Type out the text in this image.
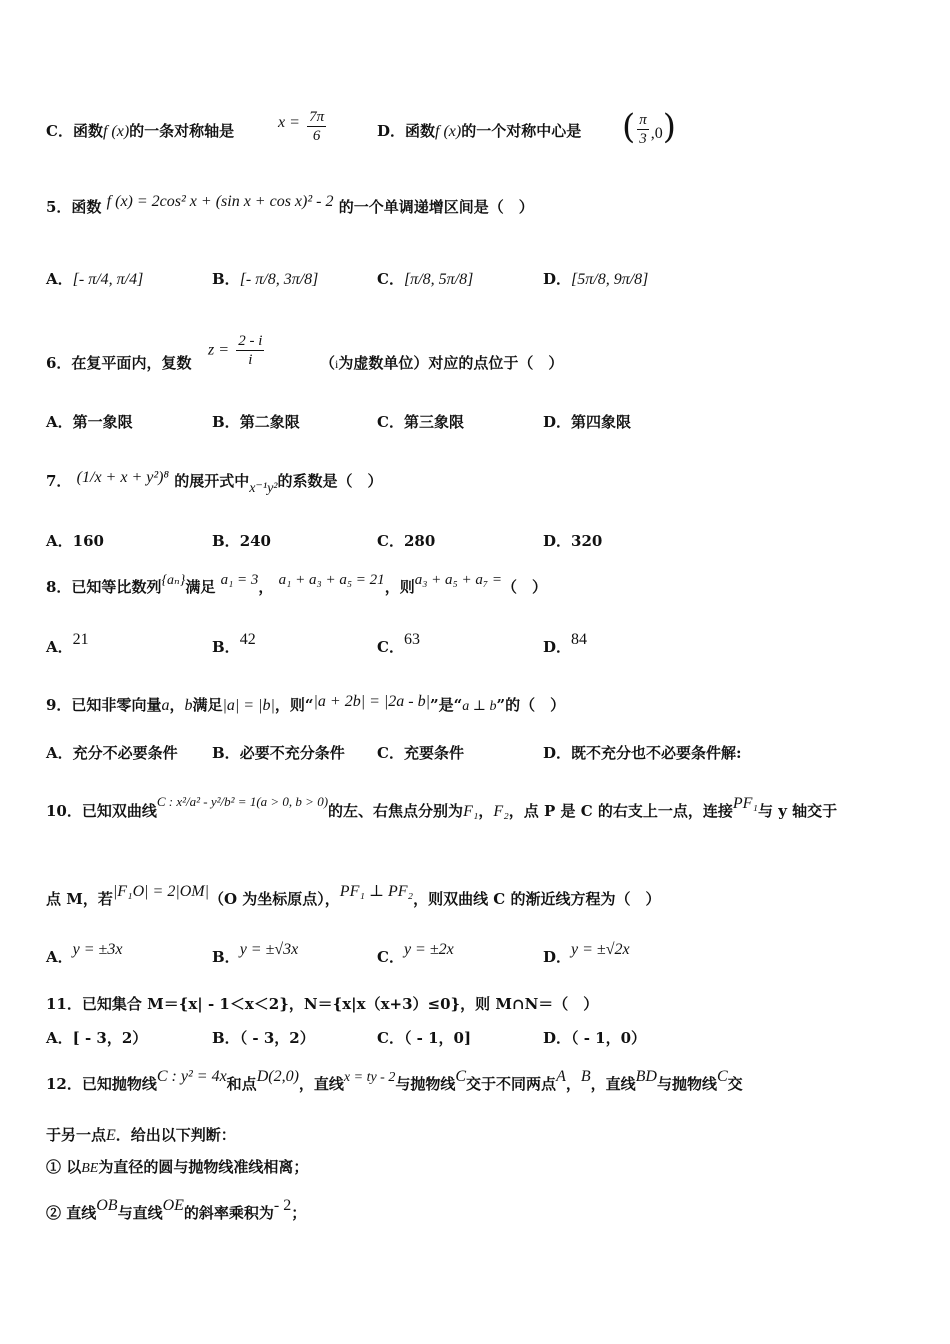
C．函数f (x)的一条对称轴是	$x = \frac{7\pi}{6}$	D．函数f (x)的一个对称中心是 ( $\frac{\pi}{3} ,0$)
5．函数 f (x) = 2cos² x + (sin x + cos x)² - 2 的一个单调递增区间是（　）
A．[- π/4, π/4]	B．[- π/8, 3π/8]	C．[π/8, 5π/8]	D．[5π/8, 9π/8]
6．在复平面内，复数
$z = \frac{2 - i}{i}$	（i为虚数单位）对应的点位于（　）
A．第一象限	B．第二象限	C．第三象限	D．第四象限
7． (1/x + x + y²)⁸ 的展开式中x⁻¹y²的系数是（　）
A．160	B．240	C．280	D．320
8．已知等比数列{aₙ}满足 a₁ = 3， a₁ + a₃ + a₅ = 21，则a₃ + a₅ + a₇ =（　）
A．21	B．42	C．63	D．84
9．已知非零向量a，b满足|a| = |b|，则“|a + 2b| = |2a - b|”是“a ⊥ b”的（　）
A．充分不必要条件 B．必要不充分条件 C．充要条件	D．既不充分也不必要条件解:
10．已知双曲线C : x²/a² - y²/b² = 1(a > 0, b > 0)的左、右焦点分别为F₁，F₂，点 P 是 C 的右支上一点，连接PF₁与 y 轴交于
点 M，若|F₁O| = 2|OM|（O 为坐标原点），PF₁ ⊥ PF₂，则双曲线 C 的渐近线方程为（　）
A．y = ±3x	B．y = ±√3x	C．y = ±2x	D．y = ±√2x
11．已知集合 M＝{x| - 1＜x＜2}，N＝{x|x（x+3）≤0}，则 M∩N＝（　）
A．[ - 3，2）	B．（ - 3，2）	C．（ - 1，0]	D．（ - 1，0）
12．已知抛物线C : y² = 4x和点D(2,0)，直线x = ty - 2与抛物线C交于不同两点A，B，直线BD与抛物线C交
于另一点E．给出以下判断：
① 以BE为直径的圆与抛物线准线相离；
② 直线OB与直线OE的斜率乘积为- 2；
